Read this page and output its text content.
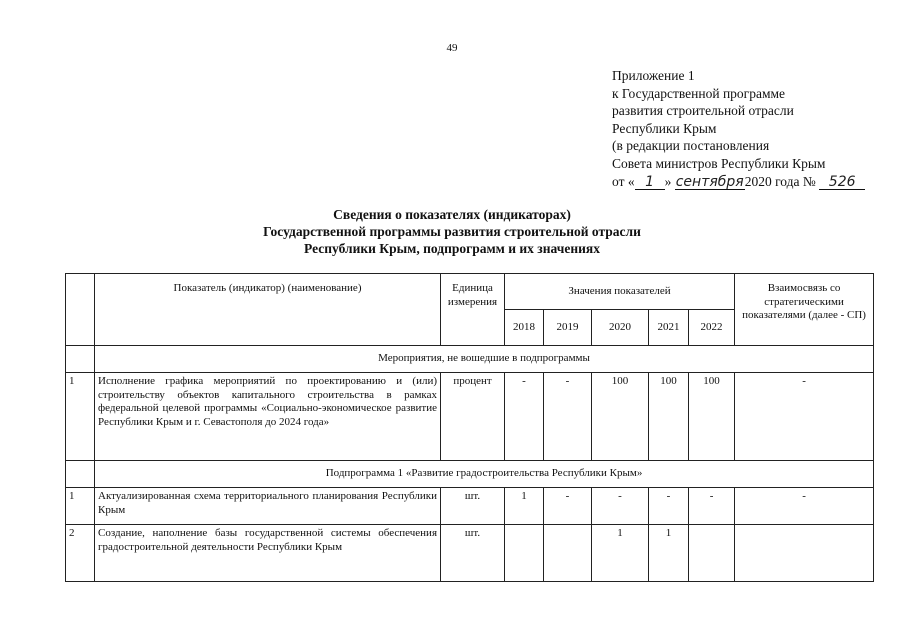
49
Приложение 1
к Государственной программе
развития строительной отрасли
Республики Крым
(в редакции постановления
Совета министров Республики Крым
от « 1 » сентября2020 года № 526
Сведения о показателях (индикаторах)
Государственной программы развития строительной отрасли
Республики Крым, подпрограмм и их значениях
	Показатель (индикатор) (наименование)	Единица измерения	Значения показателей					Взаимосвязь со стратегическими показателями (далее - СП)
			2018	2019	2020	2021	2022	
	Мероприятия, не вошедшие в подпрограммы							
1	Исполнение графика мероприятий по проектированию и (или) строительству объектов капитального строительства в рамках федеральной целевой программы «Социально-экономическое развитие Республики Крым и г. Севастополя до 2024 года»	процент	-	-	100	100	100	-
	Подпрограмма 1 «Развитие градостроительства Республики Крым»							
1	Актуализированная схема территориального планирования Республики Крым	шт.	1	-	-	-	-	-
2	Создание, наполнение базы государственной системы обеспечения градостроительной деятельности Республики Крым	шт.			1	1		
